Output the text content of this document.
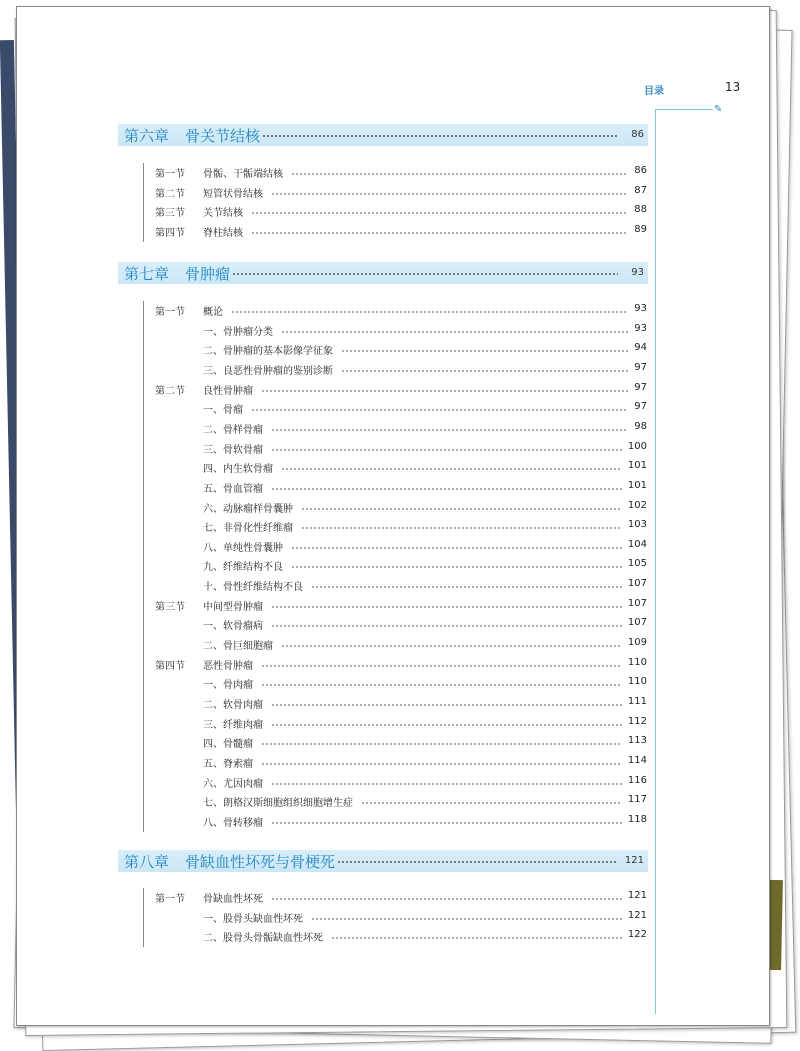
目录	13
✎
第六章 骨关节结核	86
第一节 骨骺、干骺端结核	86
第二节 短管状骨结核	87
第三节 关节结核	88
第四节 脊柱结核	89
第七章 骨肿瘤	93
第一节 概论	93
一、骨肿瘤分类	93
二、骨肿瘤的基本影像学征象	94
三、良恶性骨肿瘤的鉴别诊断	97
第二节 良性骨肿瘤	97
一、骨瘤	97
二、骨样骨瘤	98
三、骨软骨瘤	100
四、内生软骨瘤	101
五、骨血管瘤	101
六、动脉瘤样骨囊肿	102
七、非骨化性纤维瘤	103
八、单纯性骨囊肿	104
九、纤维结构不良	105
十、骨性纤维结构不良	107
第三节 中间型骨肿瘤	107
一、软骨瘤病	107
二、骨巨细胞瘤	109
第四节 恶性骨肿瘤	110
一、骨肉瘤	110
二、软骨肉瘤	111
三、纤维肉瘤	112
四、骨髓瘤	113
五、脊索瘤	114
六、尤因肉瘤	116
七、朗格汉斯细胞组织细胞增生症	117
八、骨转移瘤	118
第八章 骨缺血性坏死与骨梗死	121
第一节 骨缺血性坏死	121
一、股骨头缺血性坏死	121
二、股骨头骨骺缺血性坏死	122
